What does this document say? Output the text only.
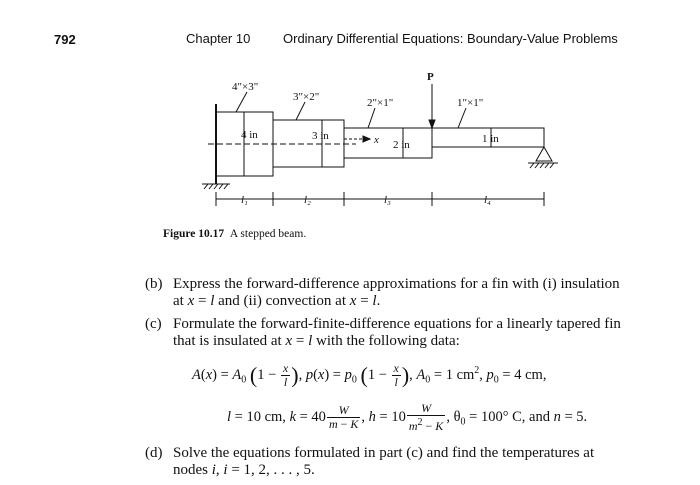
792	Chapter 10	Ordinary Differential Equations: Boundary-Value Problems
4"×3"
3"×2"	2"×1"	1"×1"
P
4 in	3 in
2 in	1 in
x
l₁	l₂	l₃	l₄
Figure 10.17 A stepped beam.
(b) Express the forward-difference approximations for a fin with (i) insulation
at x = l and (ii) convection at x = l.
(c) Formulate the forward-finite-difference equations for a linearly tapered fin
that is insulated at x = l with the following data:
$A(x) = A_0$ ($1 - \frac{x}{l}$ ), $p(x) = p_0$ ($1 - \frac{x}{l}$ ), $A_0 = 1$ $cm^2$, $p_0 = 4$ cm,
l = 10 cm, $k = 40 \frac{W}{m - K}$ , $h = 10 \frac{W}{m^2 - K}$ , $\theta_0 = 100^\circ$ C, and n = 5.
(d) Solve the equations formulated in part (c) and find the temperatures at
nodes i, i = 1, 2, . . . , 5.
